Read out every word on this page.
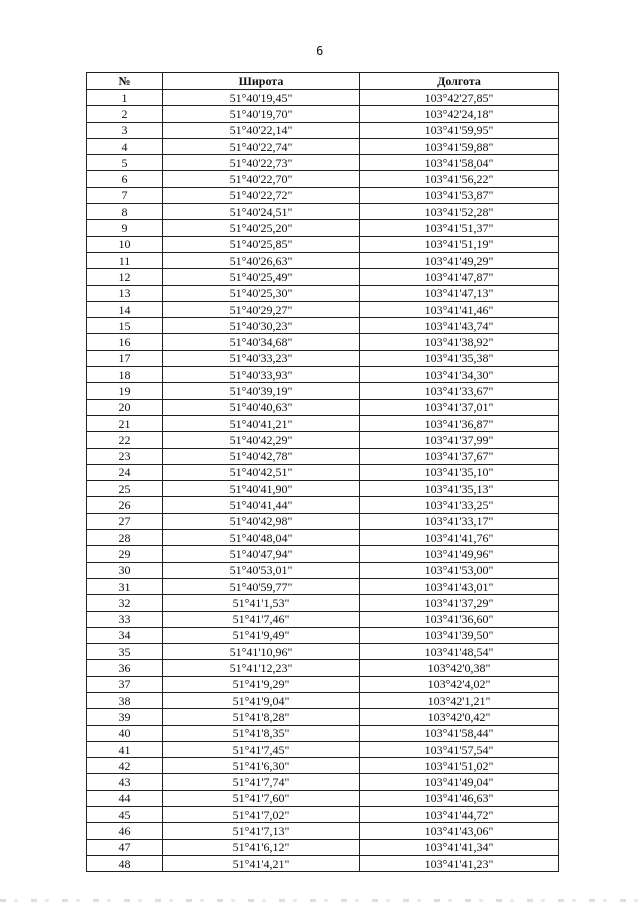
6
№	Широта	Долгота
1	51°40'19,45"	103°42'27,85"
2	51°40'19,70"	103°42'24,18"
3	51°40'22,14"	103°41'59,95"
4	51°40'22,74"	103°41'59,88"
5	51°40'22,73"	103°41'58,04"
6	51°40'22,70"	103°41'56,22"
7	51°40'22,72"	103°41'53,87"
8	51°40'24,51"	103°41'52,28"
9	51°40'25,20"	103°41'51,37"
10	51°40'25,85"	103°41'51,19"
11	51°40'26,63"	103°41'49,29"
12	51°40'25,49"	103°41'47,87"
13	51°40'25,30"	103°41'47,13"
14	51°40'29,27"	103°41'41,46"
15	51°40'30,23"	103°41'43,74"
16	51°40'34,68"	103°41'38,92"
17	51°40'33,23"	103°41'35,38"
18	51°40'33,93"	103°41'34,30"
19	51°40'39,19"	103°41'33,67"
20	51°40'40,63"	103°41'37,01"
21	51°40'41,21"	103°41'36,87"
22	51°40'42,29"	103°41'37,99"
23	51°40'42,78"	103°41'37,67"
24	51°40'42,51"	103°41'35,10"
25	51°40'41,90"	103°41'35,13"
26	51°40'41,44"	103°41'33,25"
27	51°40'42,98"	103°41'33,17"
28	51°40'48,04"	103°41'41,76"
29	51°40'47,94"	103°41'49,96"
30	51°40'53,01"	103°41'53,00"
31	51°40'59,77"	103°41'43,01"
32	51°41'1,53"	103°41'37,29"
33	51°41'7,46"	103°41'36,60"
34	51°41'9,49"	103°41'39,50"
35	51°41'10,96"	103°41'48,54"
36	51°41'12,23"	103°42'0,38"
37	51°41'9,29"	103°42'4,02"
38	51°41'9,04"	103°42'1,21"
39	51°41'8,28"	103°42'0,42"
40	51°41'8,35"	103°41'58,44"
41	51°41'7,45"	103°41'57,54"
42	51°41'6,30"	103°41'51,02"
43	51°41'7,74"	103°41'49,04"
44	51°41'7,60"	103°41'46,63"
45	51°41'7,02"	103°41'44,72"
46	51°41'7,13"	103°41'43,06"
47	51°41'6,12"	103°41'41,34"
48	51°41'4,21"	103°41'41,23"
